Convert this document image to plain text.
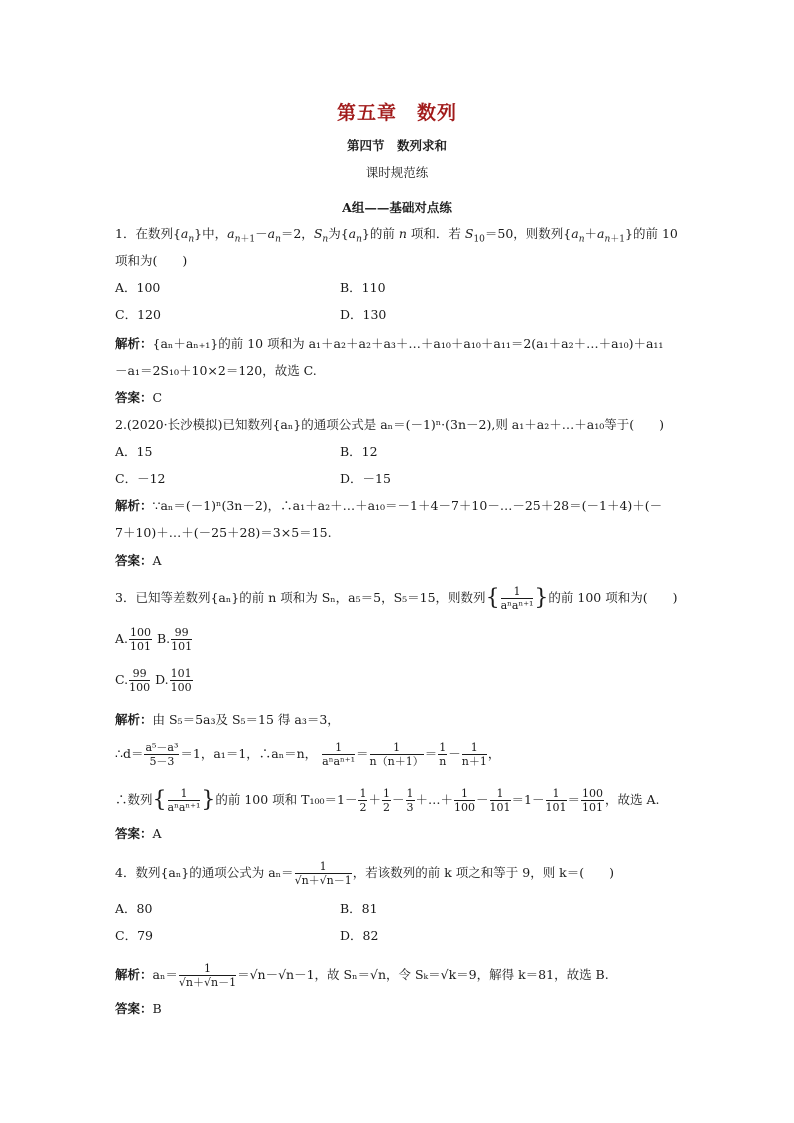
第五章　数列
第四节　数列求和
课时规范练
A组——基础对点练
1．在数列$\{a_n\}$中，$a_{n+1}-a_n=2$，$S_n$为$\{a_n\}$的前 n 项和．若 $S_{10}=50$，则数列$\{a_n+a_{n+1}\}$的前 10
项和为(　　)
A．100	B．110
C．120	D．130
解析：{aₙ＋aₙ₊₁}的前 10 项和为 a₁＋a₂＋a₂＋a₃＋…＋a₁₀＋a₁₀＋a₁₁＝2(a₁＋a₂＋…＋a₁₀)＋a₁₁
－a₁＝2S₁₀＋10×2＝120，故选 C.
答案：C
2.(2020·长沙模拟)已知数列{aₙ}的通项公式是 aₙ＝(－1)ⁿ·(3n－2),则 a₁＋a₂＋…＋a₁₀等于(　　)
A．15	B．12
C．－12	D．－15
解析：∵aₙ＝(－1)ⁿ(3n－2)，∴a₁＋a₂＋…＋a₁₀＝－1＋4－7＋10－…－25＋28＝(－1＋4)＋(－
7＋10)＋…＋(－25＋28)＝3×5＝15.
答案：A
3．已知等差数列{aₙ}的前 n 项和为 Sₙ，a₅＝5，S₅＝15，则数列{ $\frac{1}{\text{aⁿaⁿ⁺¹}}$ }的前 100 项和为(　　)
A. $\frac{100}{101} B$. $\frac{99}{101}$
C. $\frac{99}{100} D$. $\frac{101}{100}$
解析：由 S₅＝5a₃及 S₅＝15 得 a₃＝3，
∴d＝ $\frac{\text{a⁵－a³}}{5-3} =1$，a₁＝1，∴aₙ＝n， $\frac{1}{\text{aⁿaⁿ⁺¹}} = \frac{1}{n(n+1)} = \frac{1}{n} - \frac{1}{n+1}$ ，
∴数列{ $\frac{1}{\text{aⁿaⁿ⁺¹}}$ }的前 100 项和 $T_{100}=1- \frac{1}{2} + \frac{1}{2} - \frac{1}{3}$ ＋…＋ $\frac{1}{100} - \frac{1}{101} =1- \frac{1}{101} = \frac{100}{101}$ ，故选 A.
答案：A
4．数列{aₙ}的通项公式为 $a_n= \frac{1}{√n+√n-1}$ ，若该数列的前 k 项之和等于 9，则 k＝(　　)
A．80	B．81
C．79	D．82
解析：$a_n= \frac{1}{√n+√n-1} =√n-√n-1$，故 Sₙ＝√n，令 Sₖ＝√k＝9，解得 k＝81，故选 B.
答案：B
